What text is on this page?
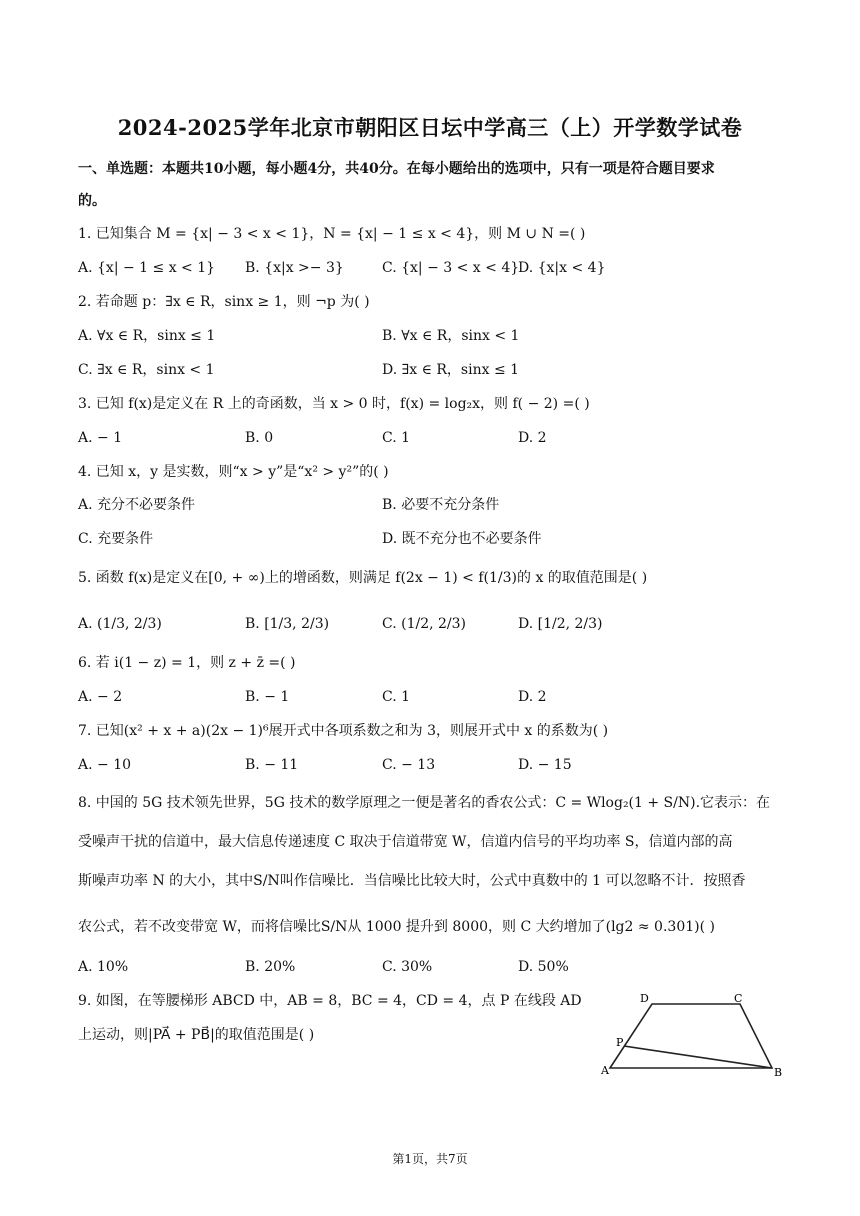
2024-2025学年北京市朝阳区日坛中学高三（上）开学数学试卷
一、单选题：本题共10小题，每小题4分，共40分。在每小题给出的选项中，只有一项是符合题目要求
的。
1. 已知集合 M = {x| − 3 < x < 1}，N = {x| − 1 ≤ x < 4}，则 M ∪ N =( )
A. {x| − 1 ≤ x < 1} B. {x|x >− 3}	C. {x| − 3 < x < 4}
D. {x|x < 4}
2. 若命题 p：∃x ∈ R，sinx ≥ 1，则 ¬p 为( )
A. ∀x ∈ R，sinx ≤ 1	B. ∀x ∈ R，sinx < 1
C. ∃x ∈ R，sinx < 1	D. ∃x ∈ R，sinx ≤ 1
3. 已知 f(x)是定义在 R 上的奇函数，当 x > 0 时，f(x) = log₂x，则 f( − 2) =( )
A. − 1	B. 0	C. 1	D. 2
4. 已知 x，y 是实数，则“x > y”是“x² > y²”的( )
A. 充分不必要条件	B. 必要不充分条件
C. 充要条件	D. 既不充分也不必要条件
5. 函数 f(x)是定义在[0, + ∞)上的增函数，则满足 f(2x − 1) < f(1/3)的 x 的取值范围是( )
A. (1/3, 2/3)	B. [1/3, 2/3)	C. (1/2, 2/3)	D. [1/2, 2/3)
6. 若 i(1 − z) = 1，则 z + z̄ =( )
A. − 2	B. − 1	C. 1	D. 2
7. 已知(x² + x + a)(2x − 1)⁶展开式中各项系数之和为 3，则展开式中 x 的系数为( )
A. − 10	B. − 11	C. − 13	D. − 15
8. 中国的 5G 技术领先世界，5G 技术的数学原理之一便是著名的香农公式：C = Wlog₂(1 + S/N).它表示：在
受噪声干扰的信道中，最大信息传递速度 C 取决于信道带宽 W，信道内信号的平均功率 S，信道内部的高
斯噪声功率 N 的大小，其中S/N叫作信噪比．当信噪比比较大时，公式中真数中的 1 可以忽略不计．按照香
农公式，若不改变带宽 W，而将信噪比S/N从 1000 提升到 8000，则 C 大约增加了(lg2 ≈ 0.301)( )
A. 10%	B. 20%	C. 30%	D. 50%
9. 如图，在等腰梯形 ABCD 中，AB = 8，BC = 4，CD = 4，点 P 在线段 AD
上运动，则|PA⃗ + PB⃗|的取值范围是( )
A	B
C
D
P
第1页，共7页
